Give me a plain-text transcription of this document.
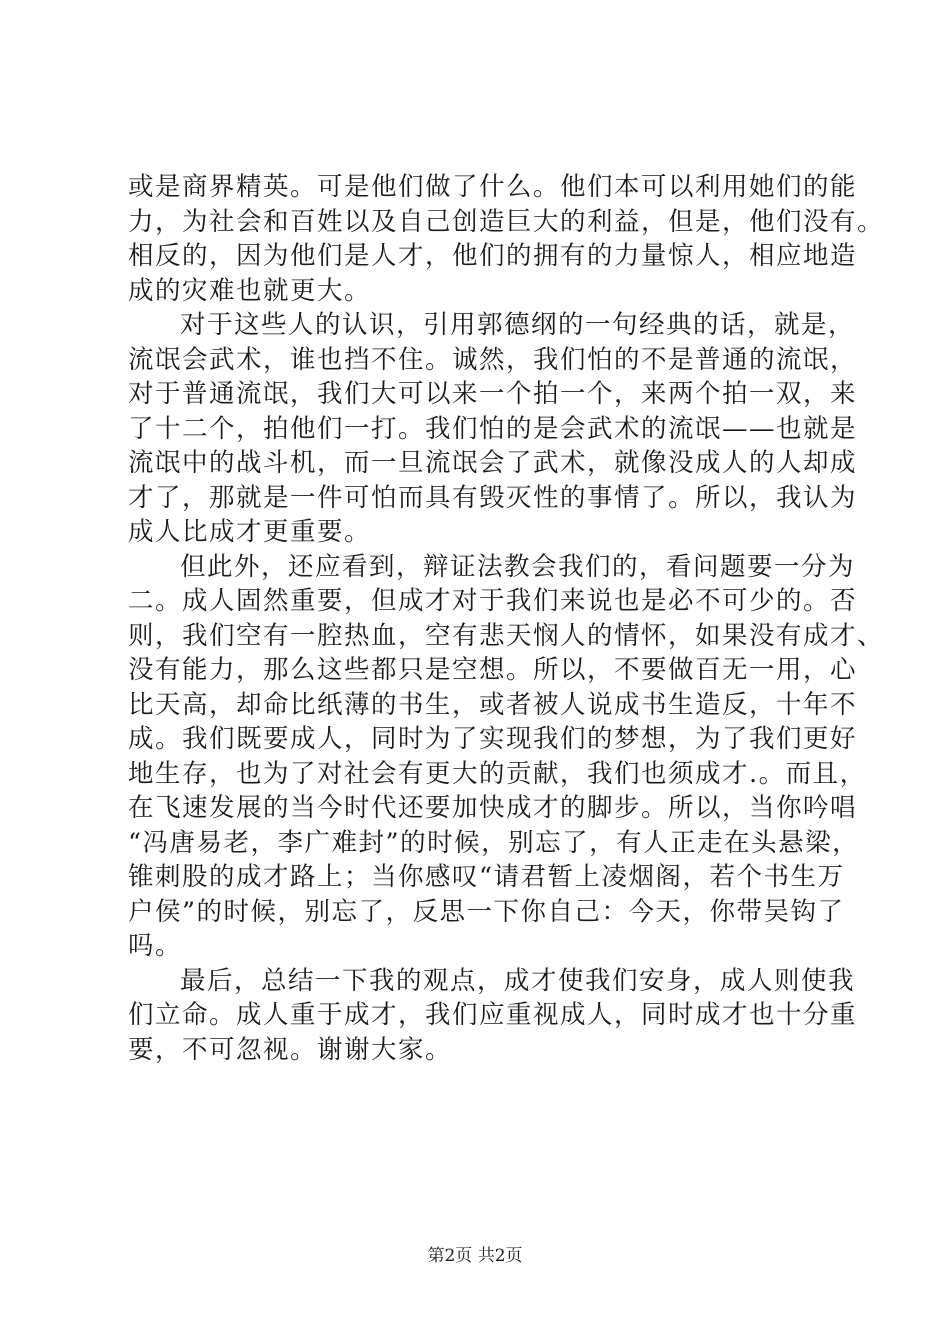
或是商界精英。可是他们做了什么。他们本可以利用她们的能
力，为社会和百姓以及自己创造巨大的利益，但是，他们没有。
相反的，因为他们是人才，他们的拥有的力量惊人，相应地造
成的灾难也就更大。
对于这些人的认识，引用郭德纲的一句经典的话，就是，
流氓会武术，谁也挡不住。诚然，我们怕的不是普通的流氓，
对于普通流氓，我们大可以来一个拍一个，来两个拍一双，来
了十二个，拍他们一打。我们怕的是会武术的流氓——也就是
流氓中的战斗机，而一旦流氓会了武术，就像没成人的人却成
才了，那就是一件可怕而具有毁灭性的事情了。所以，我认为
成人比成才更重要。
但此外，还应看到，辩证法教会我们的，看问题要一分为
二。成人固然重要，但成才对于我们来说也是必不可少的。否
则，我们空有一腔热血，空有悲天悯人的情怀，如果没有成才、
没有能力，那么这些都只是空想。所以，不要做百无一用，心
比天高，却命比纸薄的书生，或者被人说成书生造反，十年不
成。我们既要成人，同时为了实现我们的梦想，为了我们更好
地生存，也为了对社会有更大的贡献，我们也须成才.。而且，
在飞速发展的当今时代还要加快成才的脚步。所以，当你吟唱
“冯唐易老，李广难封”的时候，别忘了，有人正走在头悬梁，
锥刺股的成才路上；当你感叹“请君暂上凌烟阁，若个书生万
户侯”的时候，别忘了，反思一下你自己：今天，你带吴钩了
吗。
最后，总结一下我的观点，成才使我们安身，成人则使我
们立命。成人重于成才，我们应重视成人，同时成才也十分重
要，不可忽视。谢谢大家。
第2页 共2页
